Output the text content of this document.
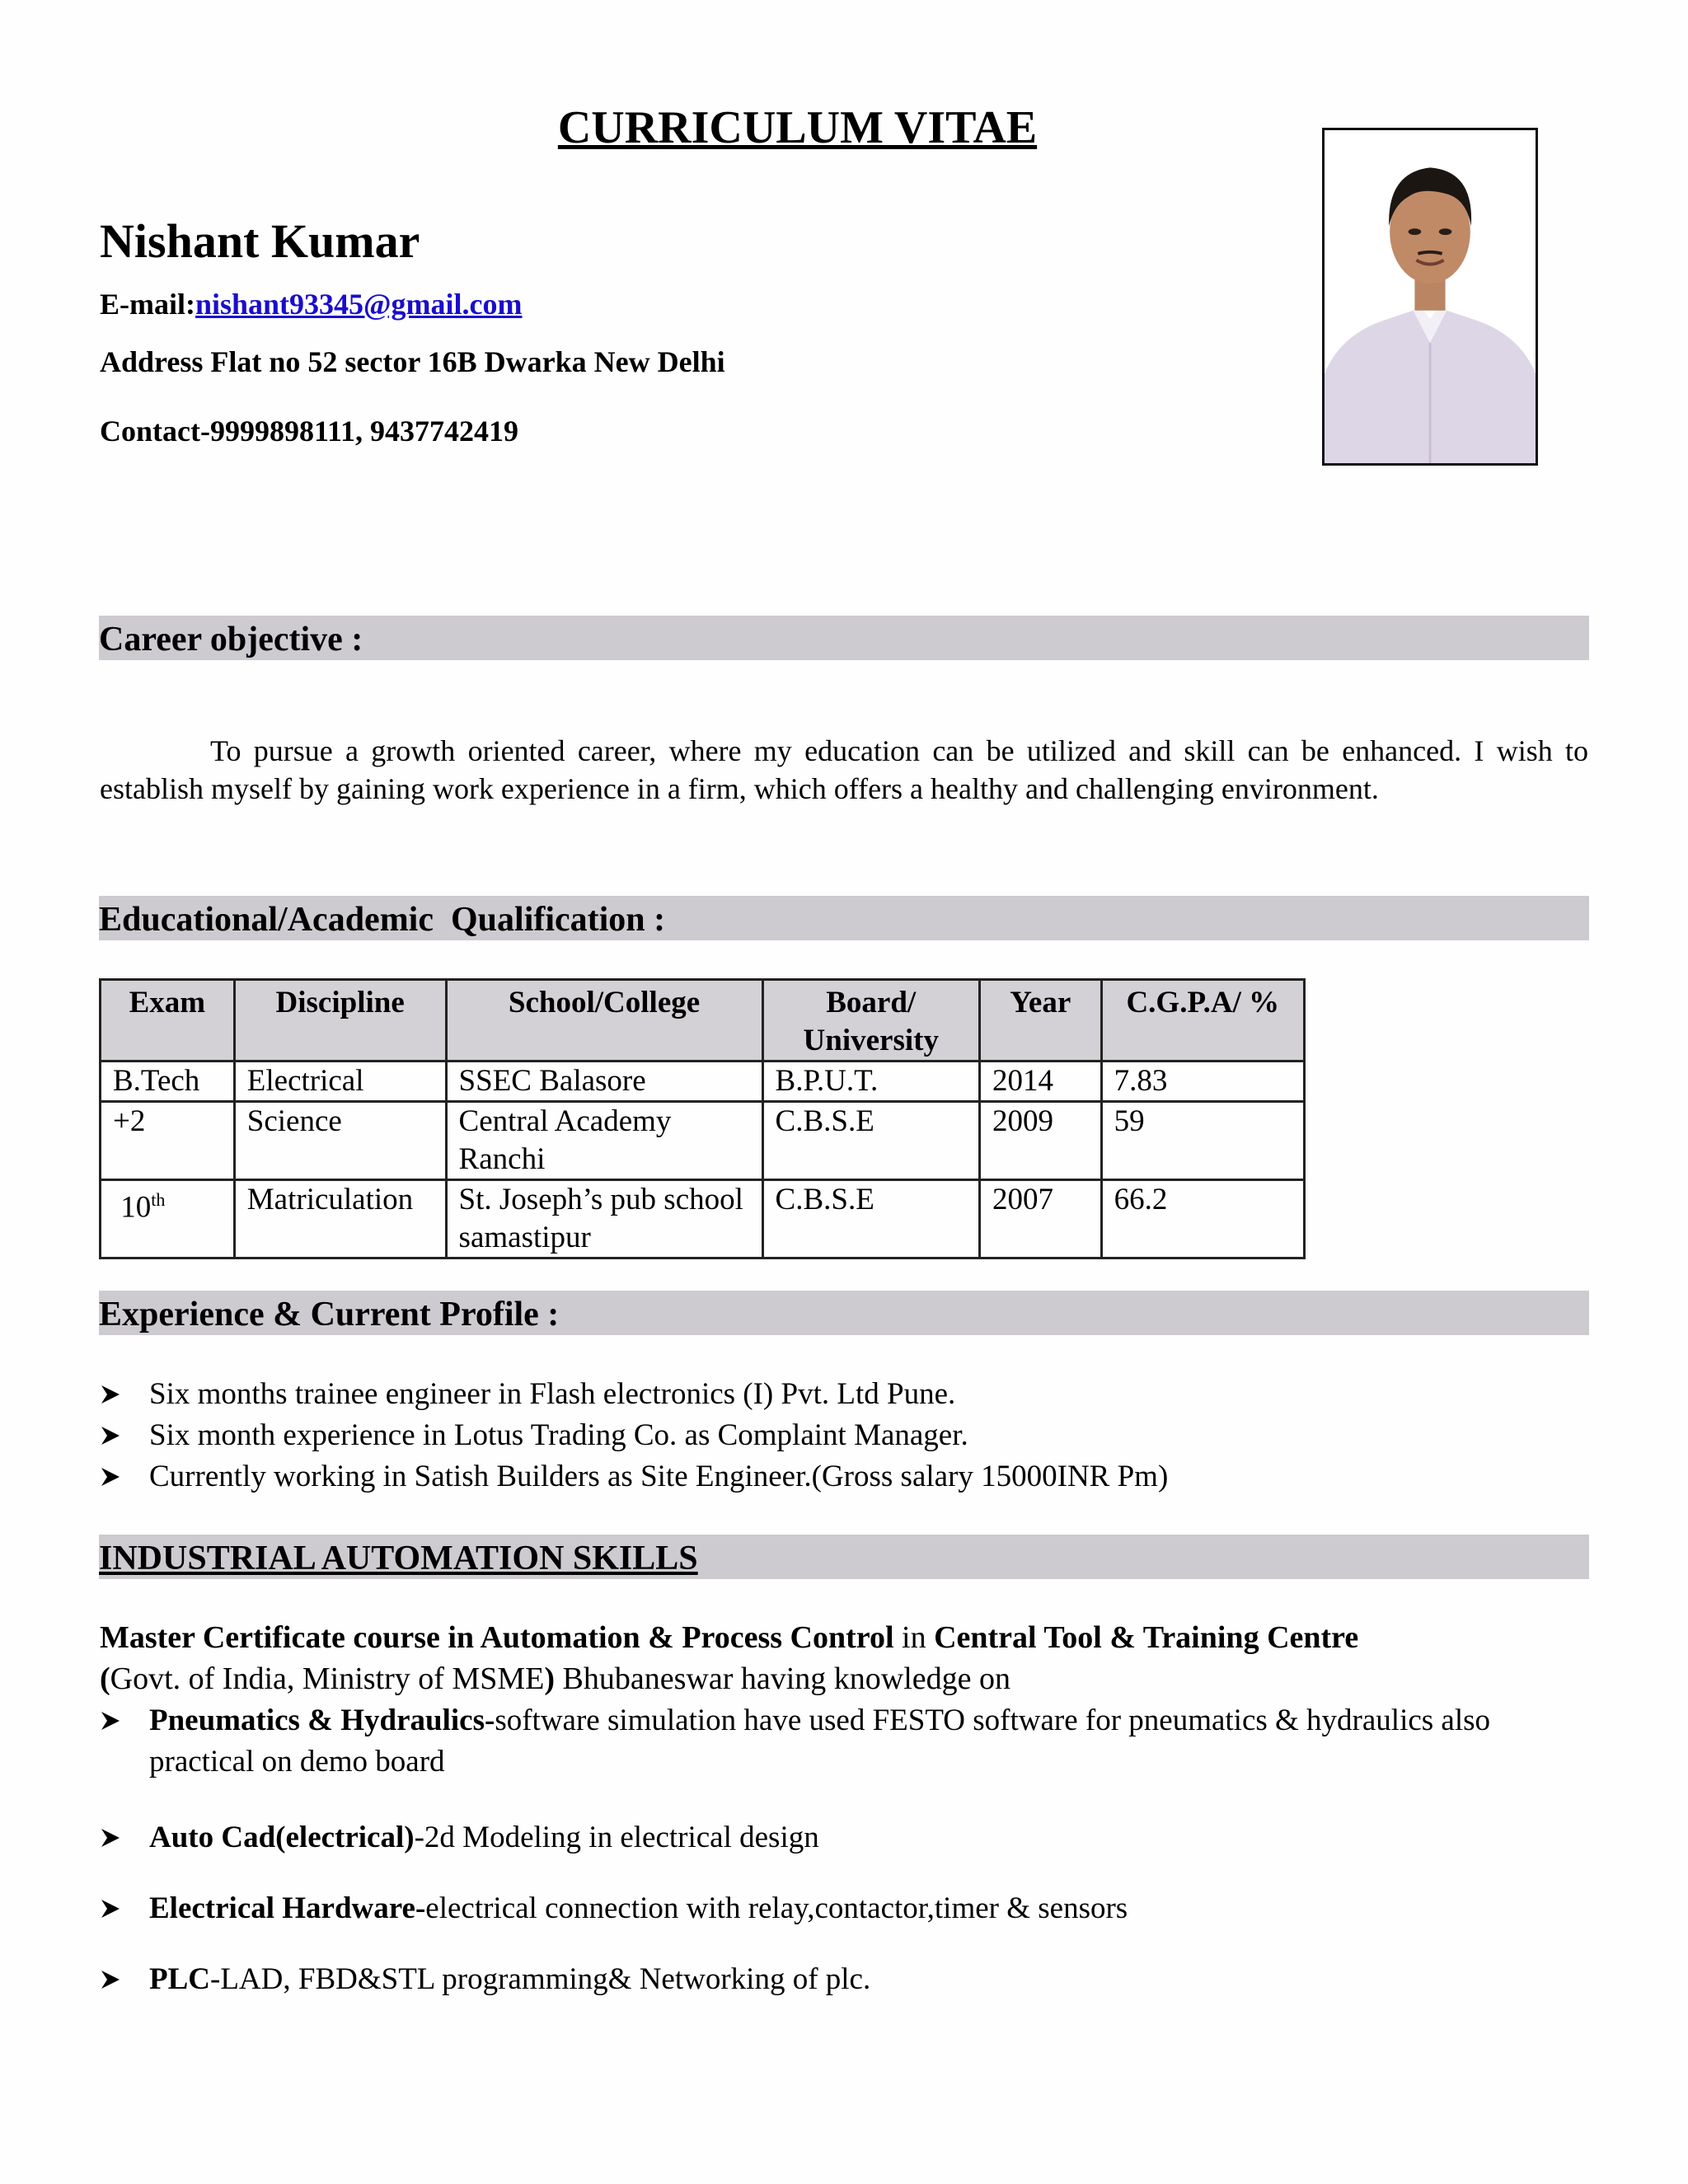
CURRICULUM VITAE
Nishant Kumar
E-mail:nishant93345@gmail.com
Address Flat no 52 sector 16B Dwarka New Delhi
Contact-9999898111, 9437742419
Career objective :
To pursue a growth oriented career, where my education can be utilized and skill can be enhanced. I wish to establish myself by gaining work experience in a firm, which offers a healthy and challenging environment.
Educational/Academic  Qualification :
Exam	Discipline	School/College	Board/ University	Year	C.G.P.A/ %
B.Tech	Electrical	SSEC Balasore	B.P.U.T.	2014	7.83
+2	Science	Central Academy Ranchi	C.B.S.E	2009	59
10th	Matriculation	St. Joseph’s pub school samastipur	C.B.S.E	2007	66.2
Experience & Current Profile :
Six months trainee engineer in Flash electronics (I) Pvt. Ltd Pune.
Six month experience in Lotus Trading Co. as Complaint Manager.
Currently working in Satish Builders as Site Engineer.(Gross salary 15000INR Pm)
INDUSTRIAL AUTOMATION SKILLS
Master Certificate course in Automation & Process Control in Central Tool & Training Centre
(Govt. of India, Ministry of MSME) Bhubaneswar having knowledge on
Pneumatics & Hydraulics-software simulation have used FESTO software for pneumatics & hydraulics also practical on demo board
Auto Cad(electrical)-2d Modeling in electrical design
Electrical Hardware-electrical connection with relay,contactor,timer & sensors
PLC-LAD, FBD&STL programming& Networking of plc.
